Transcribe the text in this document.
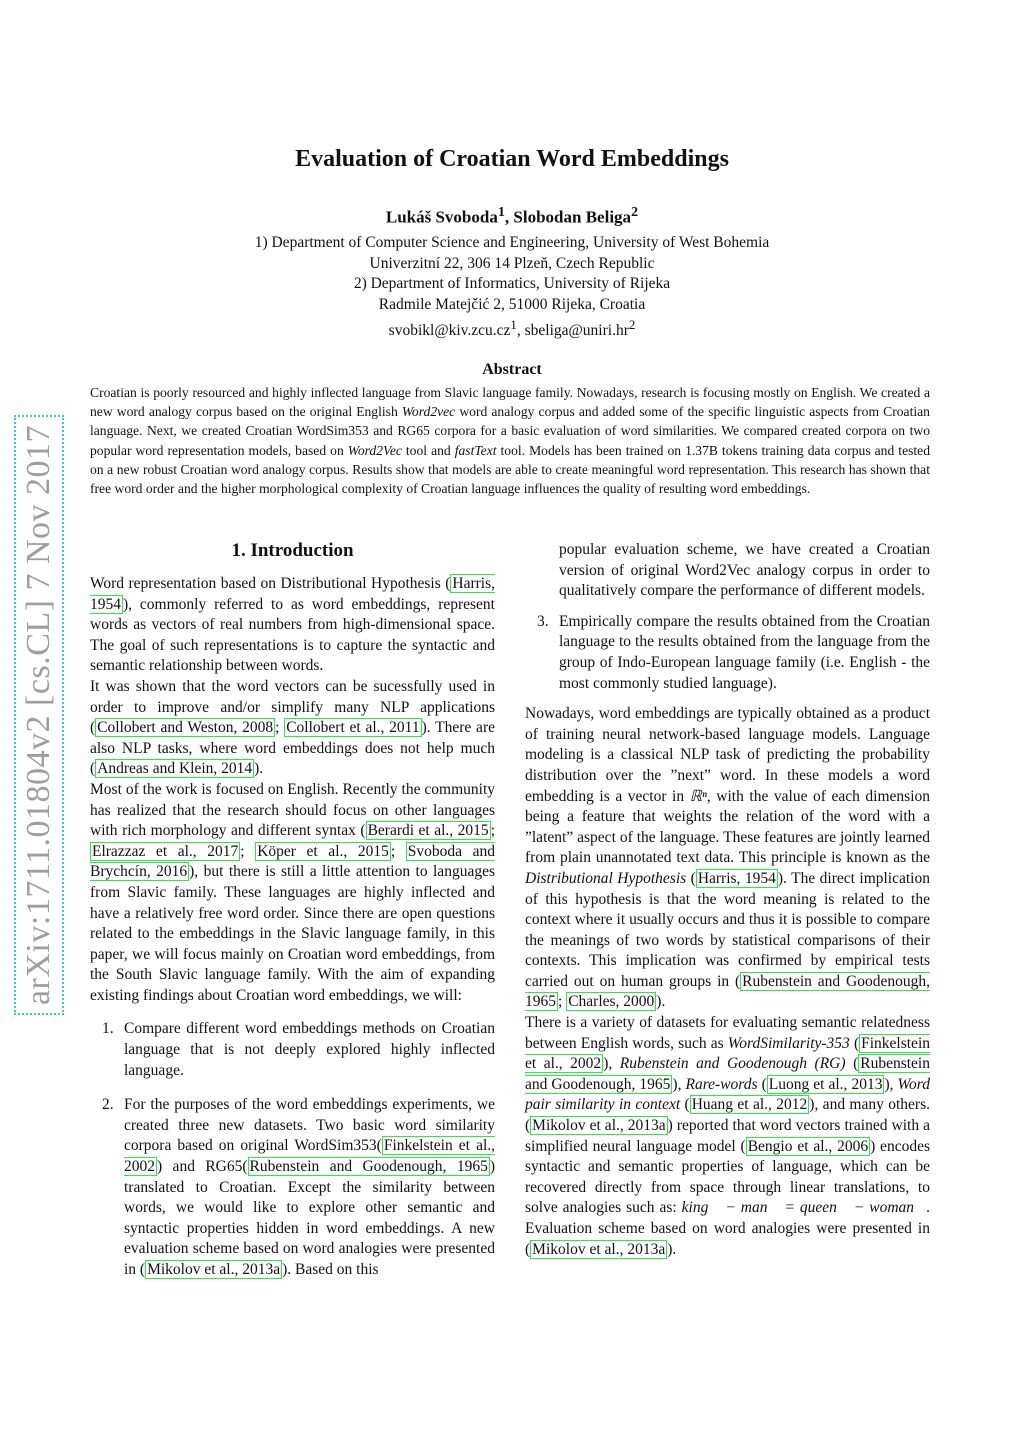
arXiv:1711.01804v2 [cs.CL] 7 Nov 2017
Evaluation of Croatian Word Embeddings
Lukáš Svoboda$^1$, Slobodan Beliga$^2$
1) Department of Computer Science and Engineering, University of West Bohemia
Univerzitní 22, 306 14 Plzeň, Czech Republic
2) Department of Informatics, University of Rijeka
Radmile Matejčić 2, 51000 Rijeka, Croatia
$svobikl@kiv.zcu.cz^1$, $sbeliga@uniri.hr^2$
Abstract

Croatian is poorly resourced and highly inflected language from Slavic language family. Nowadays, research is focusing mostly on English. We created a new word analogy corpus based on the original English Word2vec word analogy corpus and added some of the specific linguistic aspects from Croatian language. Next, we created Croatian WordSim353 and RG65 corpora for a basic evaluation of word similarities. We compared created corpora on two popular word representation models, based on Word2Vec tool and fastText tool. Models has been trained on 1.37B tokens training data corpus and tested on a new robust Croatian word analogy corpus. Results show that models are able to create meaningful word representation. This research has shown that free word order and the higher morphological complexity of Croatian language influences the quality of resulting word embeddings.

1. Introduction

Word representation based on Distributional Hypothesis ( Harris, 1954 ), commonly referred to as word embeddings, represent words as vectors of real numbers from high-dimensional space. The goal of such representations is to capture the syntactic and semantic relationship between words.

It was shown that the word vectors can be sucessfully used in order to improve and/or simplify many NLP applications ( Collobert and Weston, 2008 ; Collobert et al., 2011 ). There are also NLP tasks, where word embeddings does not help much ( Andreas and Klein, 2014 ).

Most of the work is focused on English. Recently the community has realized that the research should focus on other languages with rich morphology and different syntax ( Berardi et al., 2015 ; Elrazzaz et al., 2017 ; Köper et al., 2015 ; Svoboda and Brychcín, 2016 ), but there is still a little attention to languages from Slavic family. These languages are highly inflected and have a relatively free word order. Since there are open questions related to the embeddings in the Slavic language family, in this paper, we will focus mainly on Croatian word embeddings, from the South Slavic language family. With the aim of expanding existing findings about Croatian word embeddings, we will:

1. Compare different word embeddings methods on Croatian language that is not deeply explored highly inflected language.
2. For the purposes of the word embeddings experiments, we created three new datasets. Two basic word similarity corpora based on original WordSim353( Finkelstein et al., 2002 ) and RG65( Rubenstein and Goodenough, 1965 ) translated to Croatian. Except the similarity between words, we would like to explore other semantic and syntactic properties hidden in word embeddings. A new evaluation scheme based on word analogies were presented in ( Mikolov et al., 2013a ). Based on this
popular evaluation scheme, we have created a Croatian version of original Word2Vec analogy corpus in order to qualitatively compare the performance of different models.
3. Empirically compare the results obtained from the Croatian language to the results obtained from the language from the group of Indo-European language family (i.e. English - the most commonly studied language).

Nowadays, word embeddings are typically obtained as a product of training neural network-based language models. Language modeling is a classical NLP task of predicting the probability distribution over the ”next” word. In these models a word embedding is a vector in ℝⁿ, with the value of each dimension being a feature that weights the relation of the word with a ”latent” aspect of the language. These features are jointly learned from plain unannotated text data. This principle is known as the Distributional Hypothesis ( Harris, 1954 ). The direct implication of this hypothesis is that the word meaning is related to the context where it usually occurs and thus it is possible to compare the meanings of two words by statistical comparisons of their contexts. This implication was confirmed by empirical tests carried out on human groups in ( Rubenstein and Goodenough, 1965 ; Charles, 2000 ).

There is a variety of datasets for evaluating semantic relatedness between English words, such as WordSimilarity-353 ( Finkelstein et al., 2002 ), Rubenstein and Goodenough (RG) ( Rubenstein and Goodenough, 1965 ), Rare-words ( Luong et al., 2013 ), Word pair similarity in context ( Huang et al., 2012 ), and many others. ( Mikolov et al., 2013a ) reported that word vectors trained with a simplified neural language model ( Bengio et al., 2006 ) encodes syntactic and semantic properties of language, which can be recovered directly from space through linear translations, to solve analogies such as: king⃗ − man⃗ = queen⃗ − woman⃗. Evaluation scheme based on word analogies were presented in ( Mikolov et al., 2013a ).
